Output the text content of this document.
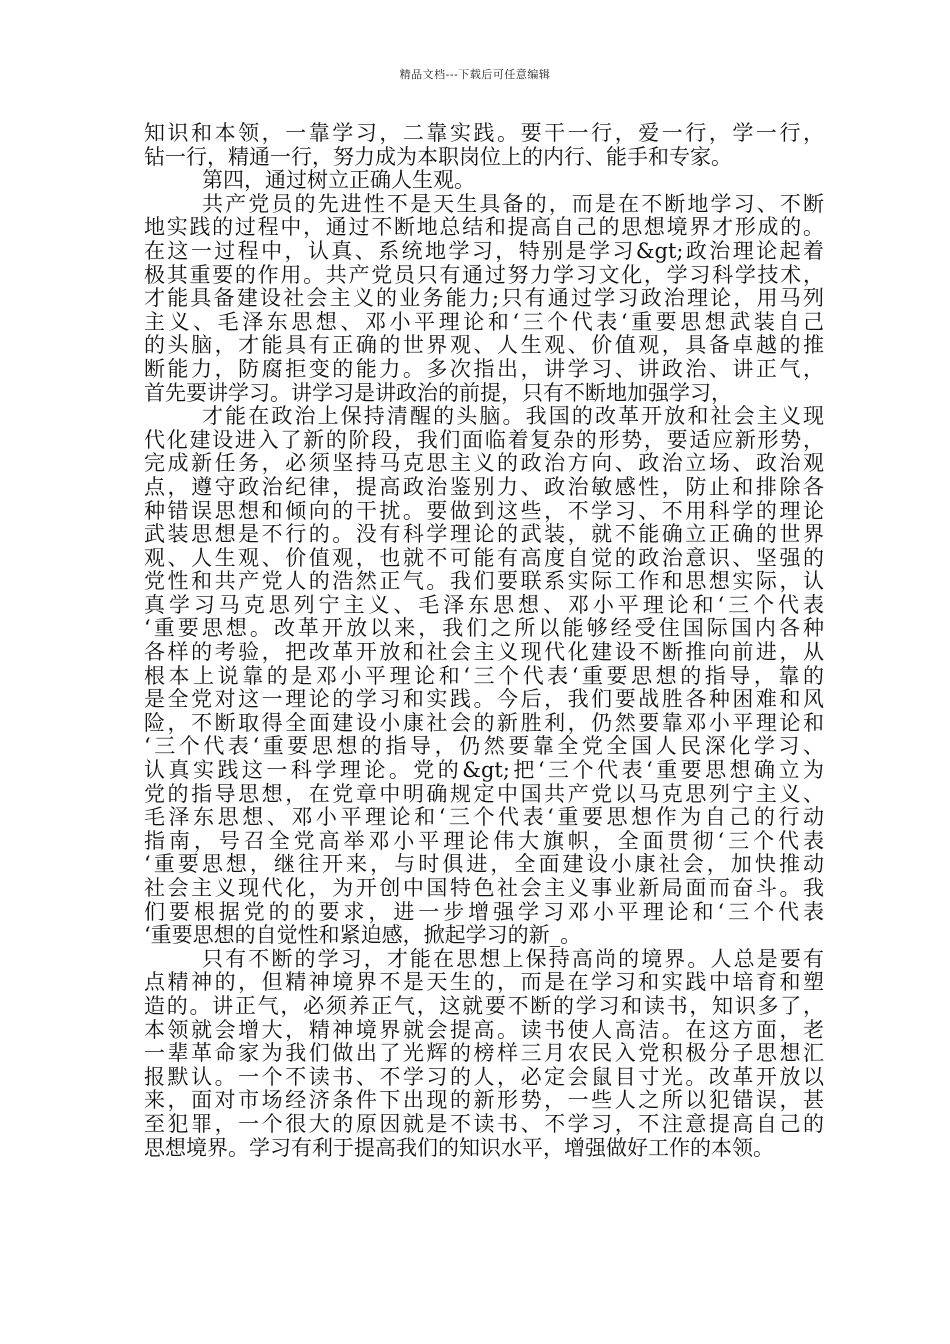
精品文档---下载后可任意编辑
知识和本领，一靠学习，二靠实践。要干一行，爱一行，学一行，
钻一行，精通一行，努力成为本职岗位上的内行、能手和专家。
第四，通过树立正确人生观。
共产党员的先进性不是天生具备的，而是在不断地学习、不断
地实践的过程中，通过不断地总结和提高自己的思想境界才形成的。
在这一过程中，认真、系统地学习，特别是学习&gt;政治理论起着
极其重要的作用。共产党员只有通过努力学习文化，学习科学技术，
才能具备建设社会主义的业务能力;只有通过学习政治理论，用马列
主义、毛泽东思想、邓小平理论和‘三个代表‘重要思想武装自己
的头脑，才能具有正确的世界观、人生观、价值观，具备卓越的推
断能力，防腐拒变的能力。多次指出，讲学习、讲政治、讲正气，
首先要讲学习。讲学习是讲政治的前提，只有不断地加强学习，
才能在政治上保持清醒的头脑。我国的改革开放和社会主义现
代化建设进入了新的阶段，我们面临着复杂的形势，要适应新形势，
完成新任务，必须坚持马克思主义的政治方向、政治立场、政治观
点，遵守政治纪律，提高政治鉴别力、政治敏感性，防止和排除各
种错误思想和倾向的干扰。要做到这些，不学习、不用科学的理论
武装思想是不行的。没有科学理论的武装，就不能确立正确的世界
观、人生观、价值观，也就不可能有高度自觉的政治意识、坚强的
党性和共产党人的浩然正气。我们要联系实际工作和思想实际，认
真学习马克思列宁主义、毛泽东思想、邓小平理论和‘三个代表
‘重要思想。改革开放以来，我们之所以能够经受住国际国内各种
各样的考验，把改革开放和社会主义现代化建设不断推向前进，从
根本上说靠的是邓小平理论和‘三个代表‘重要思想的指导，靠的
是全党对这一理论的学习和实践。今后，我们要战胜各种困难和风
险，不断取得全面建设小康社会的新胜利，仍然要靠邓小平理论和
‘三个代表‘重要思想的指导，仍然要靠全党全国人民深化学习、
认真实践这一科学理论。党的&gt;把‘三个代表‘重要思想确立为
党的指导思想，在党章中明确规定中国共产党以马克思列宁主义、
毛泽东思想、邓小平理论和‘三个代表‘重要思想作为自己的行动
指南，号召全党高举邓小平理论伟大旗帜，全面贯彻‘三个代表
‘重要思想，继往开来，与时俱进，全面建设小康社会，加快推动
社会主义现代化，为开创中国特色社会主义事业新局面而奋斗。我
们要根据党的的要求，进一步增强学习邓小平理论和‘三个代表
‘重要思想的自觉性和紧迫感，掀起学习的新_。
只有不断的学习，才能在思想上保持高尚的境界。人总是要有
点精神的，但精神境界不是天生的，而是在学习和实践中培育和塑
造的。讲正气，必须养正气，这就要不断的学习和读书，知识多了，
本领就会增大，精神境界就会提高。读书使人高洁。在这方面，老
一辈革命家为我们做出了光辉的榜样三月农民入党积极分子思想汇
报默认。一个不读书、不学习的人，必定会鼠目寸光。改革开放以
来，面对市场经济条件下出现的新形势，一些人之所以犯错误，甚
至犯罪，一个很大的原因就是不读书、不学习，不注意提高自己的
思想境界。学习有利于提高我们的知识水平，增强做好工作的本领。
